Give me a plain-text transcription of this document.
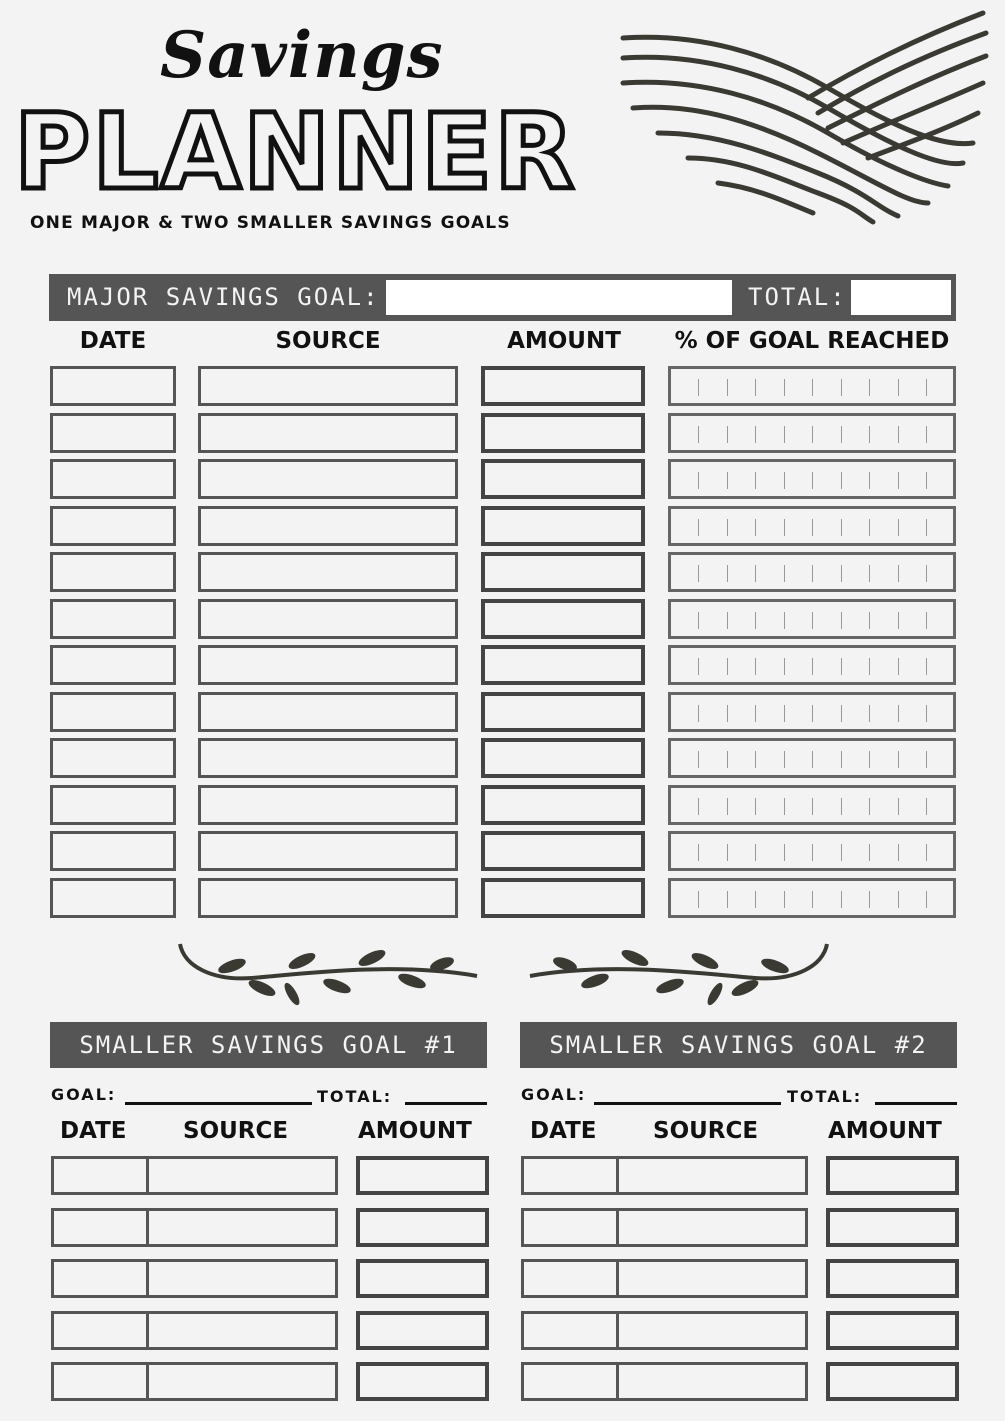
Savings
PLANNER
ONE MAJOR & TWO SMALLER SAVINGS GOALS
MAJOR SAVINGS GOAL:	TOTAL:
DATE	SOURCE	AMOUNT	% OF GOAL REACHED
SMALLER SAVINGS GOAL #1
GOAL:	TOTAL:
DATE SOURCE	AMOUNT
SMALLER SAVINGS GOAL #2
GOAL:	TOTAL:
DATE SOURCE	AMOUNT
